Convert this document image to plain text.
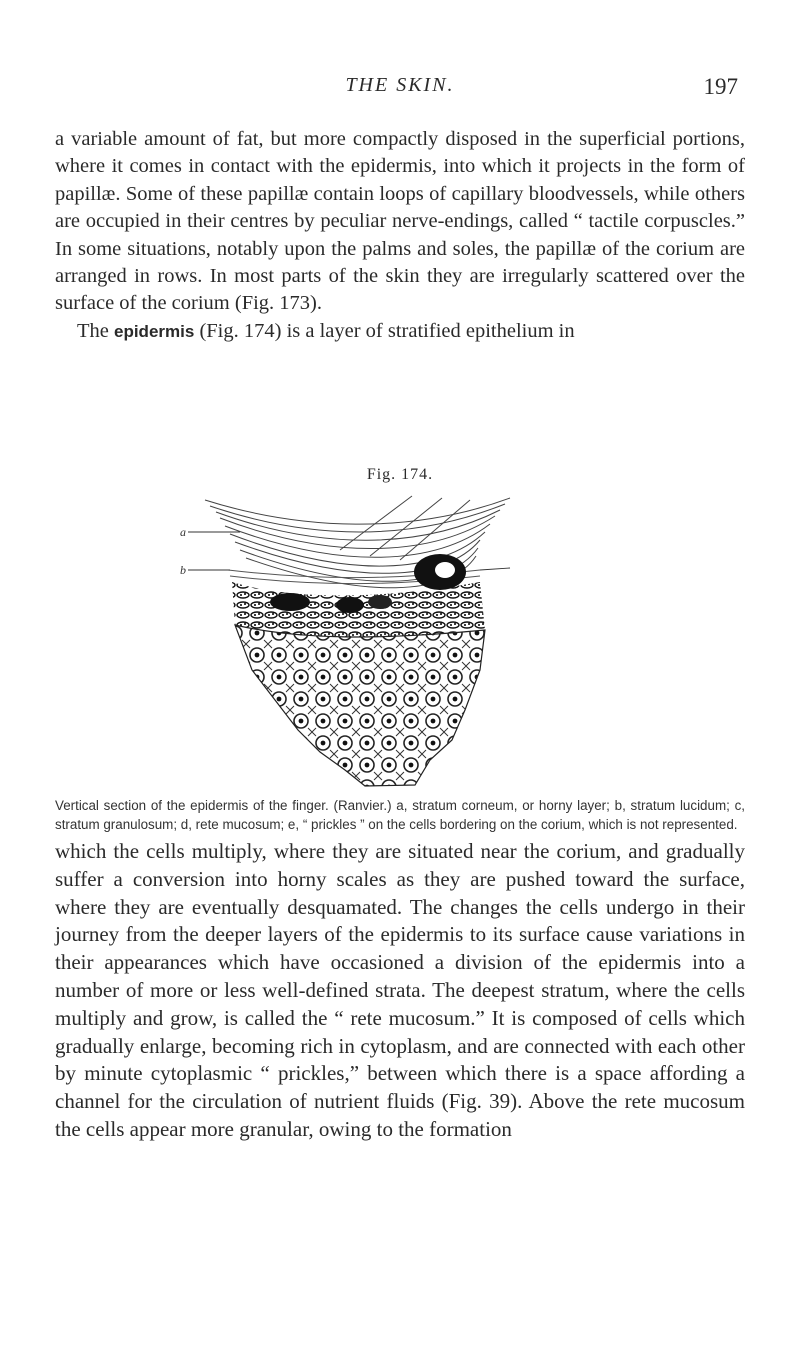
THE SKIN.	197

a variable amount of fat, but more compactly disposed in the superficial portions, where it comes in contact with the epidermis, into which it projects in the form of papillæ. Some of these papillæ contain loops of capillary bloodvessels, while others are occupied in their centres by peculiar nerve-endings, called “ tactile corpuscles.” In some situations, notably upon the palms and soles, the papillæ of the corium are arranged in rows. In most parts of the skin they are irregularly scattered over the surface of the corium (Fig. 173).

The epidermis (Fig. 174) is a layer of stratified epithelium in

Fig. 174.
a
b
Vertical section of the epidermis of the finger. (Ranvier.) a, stratum corneum, or horny layer; b, stratum lucidum; c, stratum granulosum; d, rete mucosum; e, “ prickles ” on the cells bordering on the corium, which is not represented.

which the cells multiply, where they are situated near the corium, and gradually suffer a conversion into horny scales as they are pushed toward the surface, where they are eventually desquamated. The changes the cells undergo in their journey from the deeper layers of the epidermis to its surface cause variations in their appearances which have occasioned a division of the epidermis into a number of more or less well-defined strata. The deepest stratum, where the cells multiply and grow, is called the “ rete mucosum.” It is composed of cells which gradually enlarge, becoming rich in cytoplasm, and are connected with each other by minute cytoplasmic “ prickles,” between which there is a space affording a channel for the circulation of nutrient fluids (Fig. 39). Above the rete mucosum the cells appear more granular, owing to the formation
